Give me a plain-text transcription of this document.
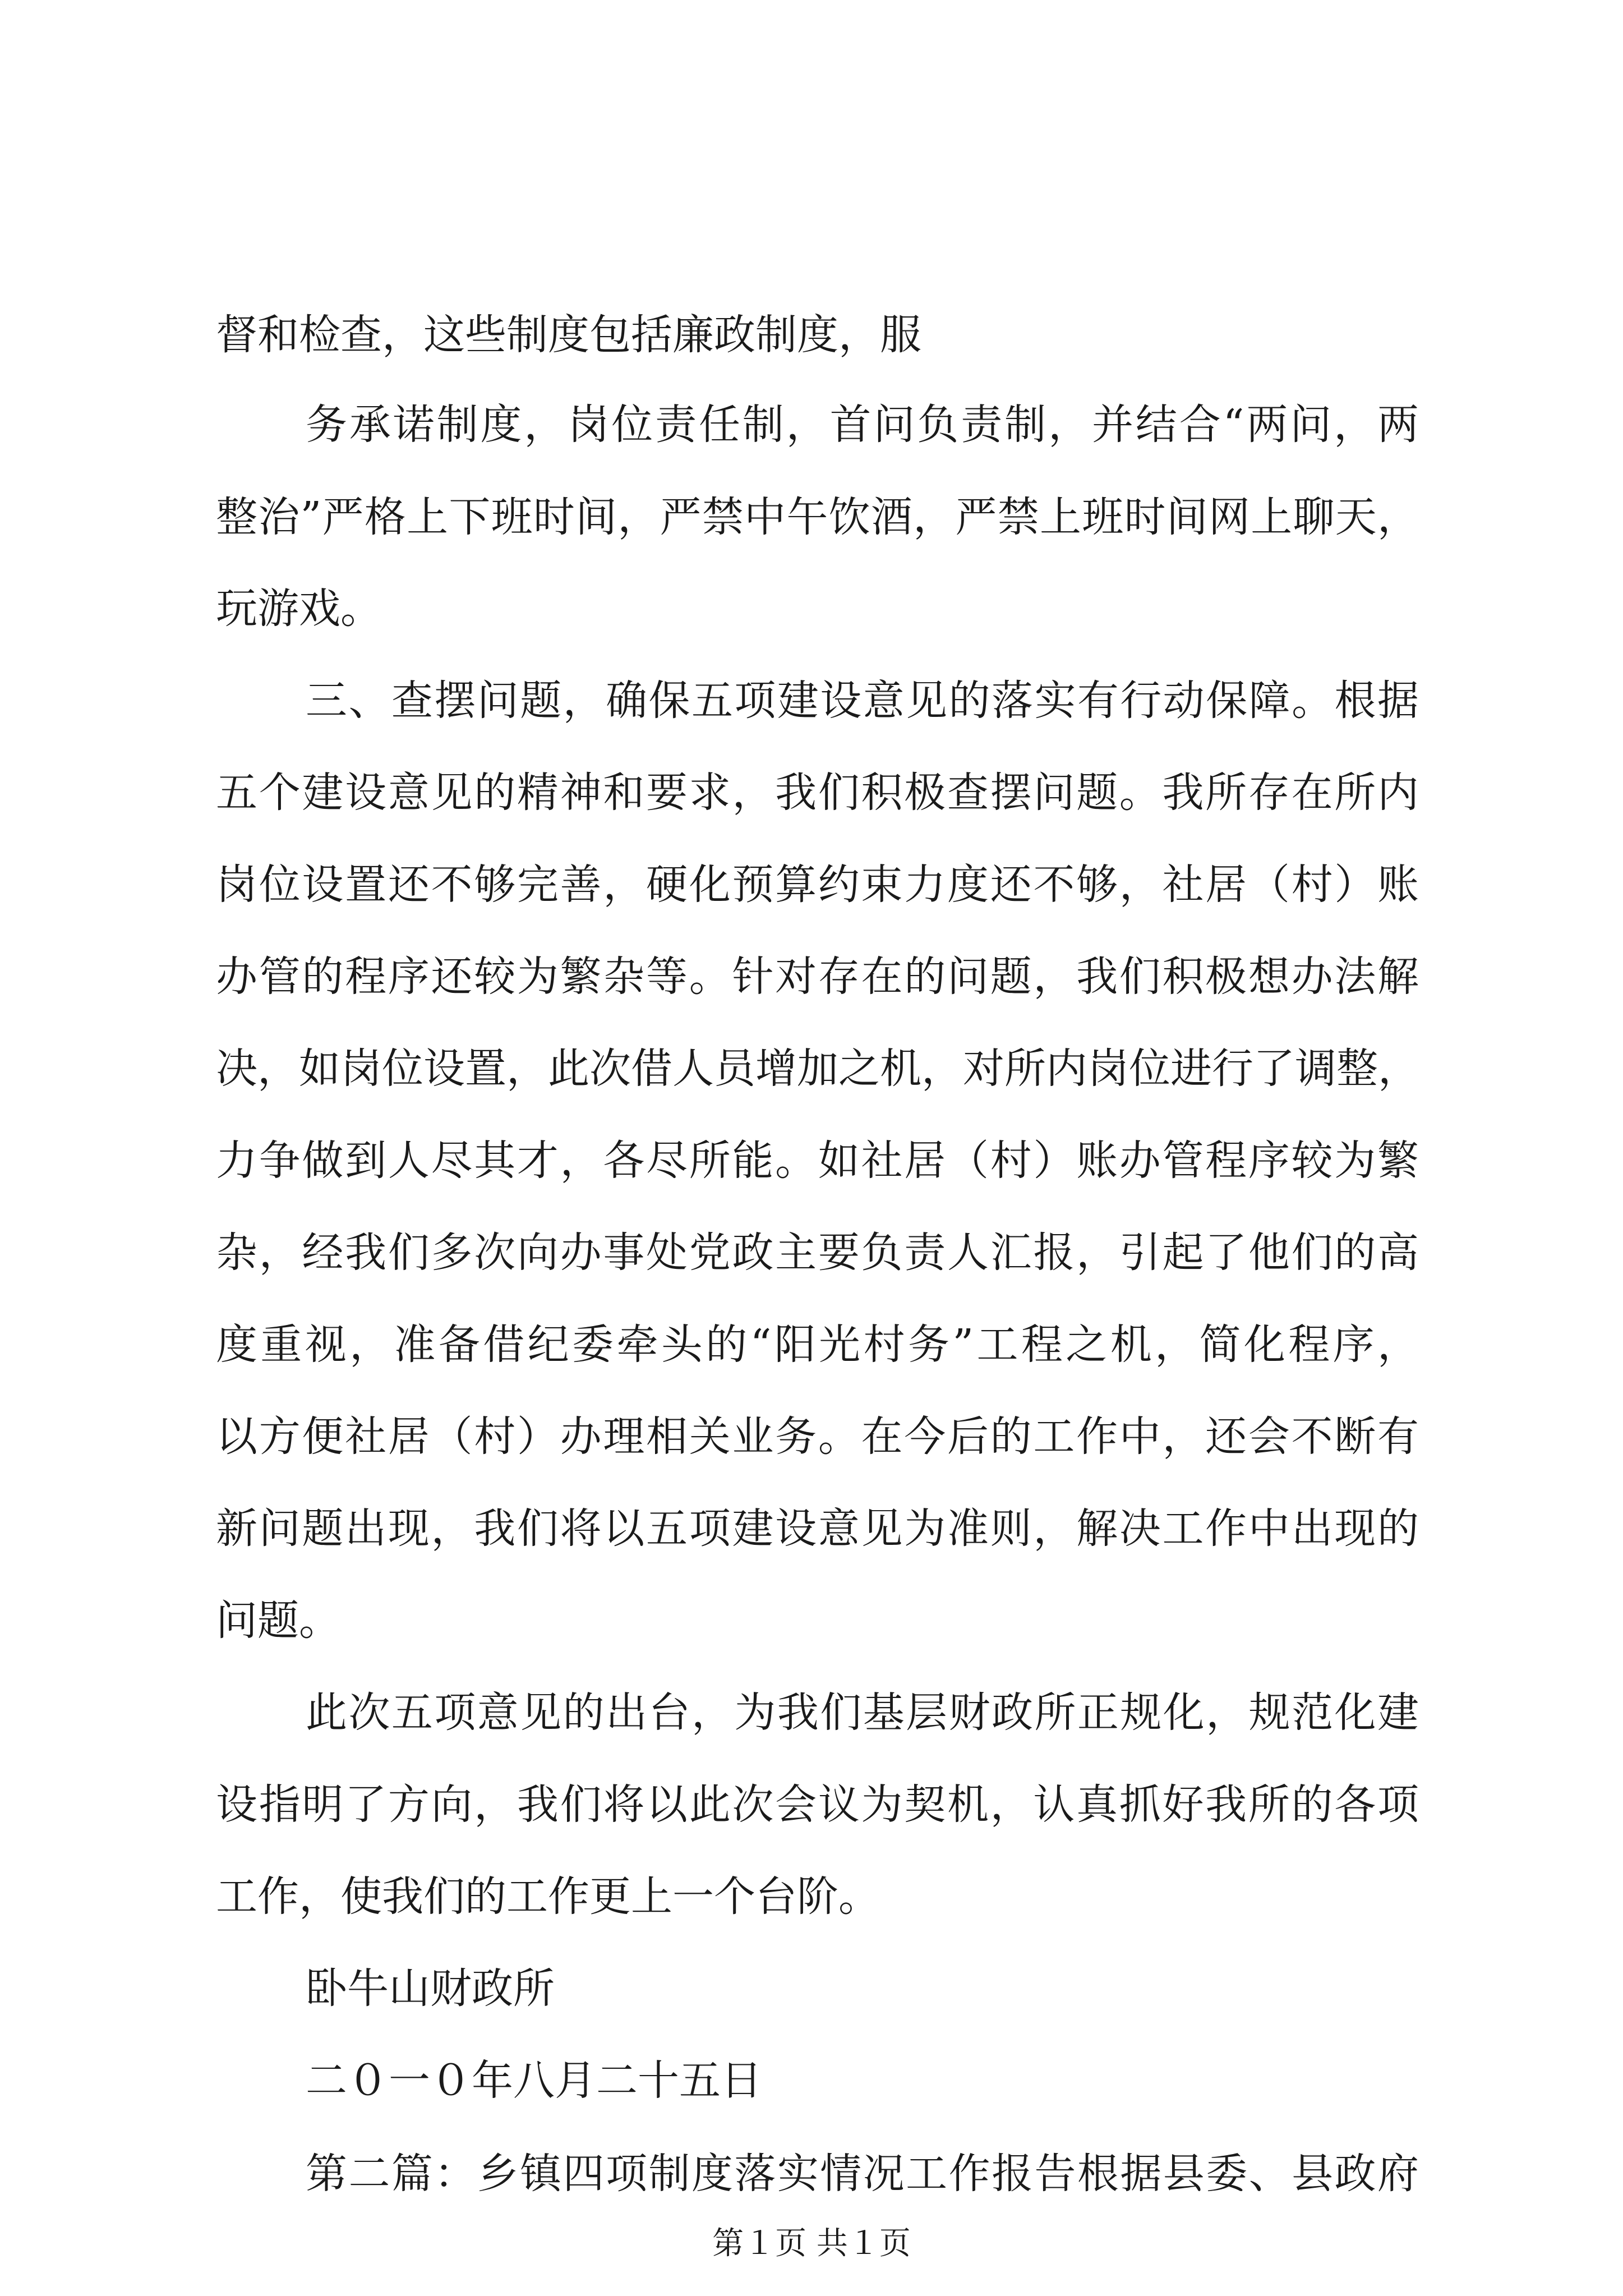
督和检查，这些制度包括廉政制度，服
务承诺制度，岗位责任制，首问负责制，并结合“两问，两
整治”严格上下班时间，严禁中午饮酒，严禁上班时间网上聊天，
玩游戏。
三、查摆问题，确保五项建设意见的落实有行动保障。根据
五个建设意见的精神和要求，我们积极查摆问题。我所存在所内
岗位设置还不够完善，硬化预算约束力度还不够，社居（村）账
办管的程序还较为繁杂等。针对存在的问题，我们积极想办法解
决，如岗位设置，此次借人员增加之机，对所内岗位进行了调整，
力争做到人尽其才，各尽所能。如社居（村）账办管程序较为繁
杂，经我们多次向办事处党政主要负责人汇报，引起了他们的高
度重视，准备借纪委牵头的“阳光村务”工程之机，简化程序，
以方便社居（村）办理相关业务。在今后的工作中，还会不断有
新问题出现，我们将以五项建设意见为准则，解决工作中出现的
问题。
此次五项意见的出台，为我们基层财政所正规化，规范化建
设指明了方向，我们将以此次会议为契机，认真抓好我所的各项
工作，使我们的工作更上一个台阶。
卧牛山财政所
二０一０年八月二十五日
第二篇：乡镇四项制度落实情况工作报告根据县委、县政府
第１页 共１页
